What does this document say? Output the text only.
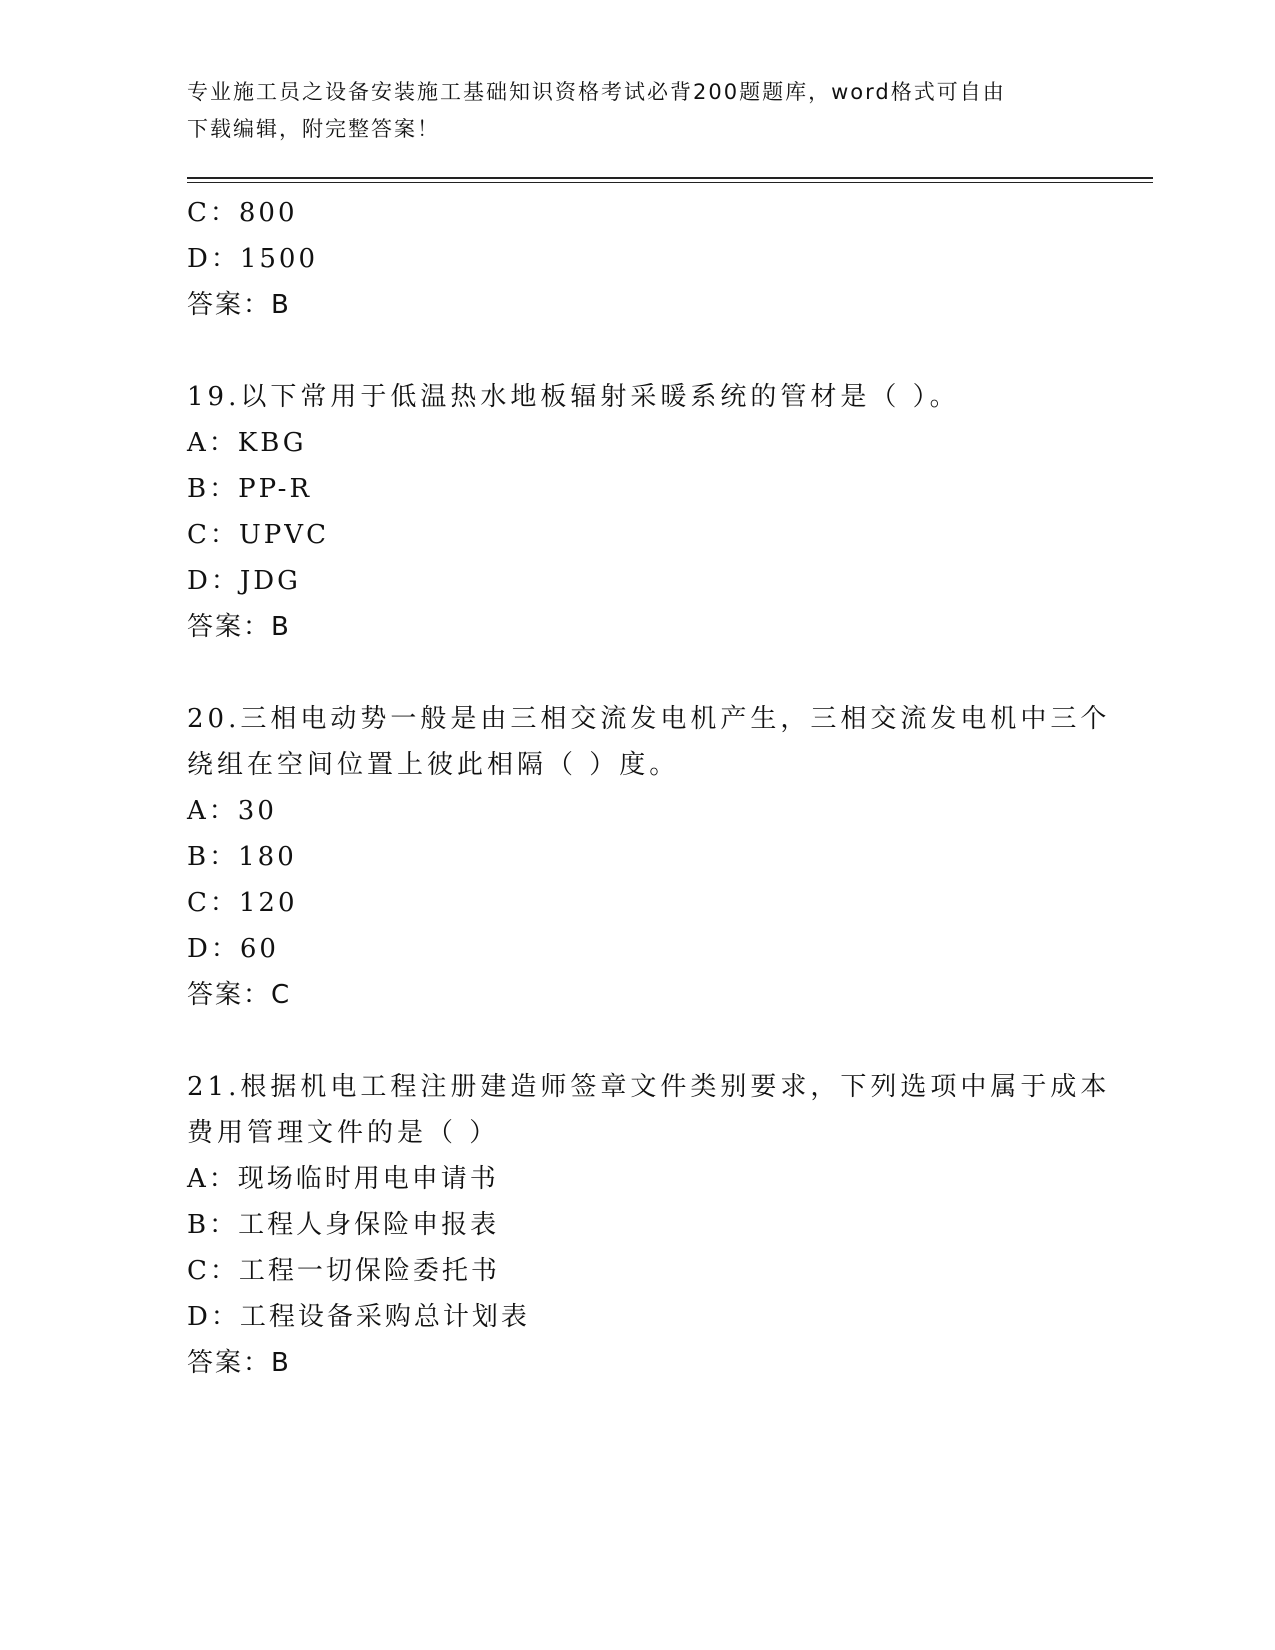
专业施工员之设备安装施工基础知识资格考试必背200题题库，word格式可自由
下载编辑，附完整答案！
C：800
D：1500
答案：B
19.以下常用于低温热水地板辐射采暖系统的管材是（ ）。
A：KBG
B：PP-R
C：UPVC
D：JDG
答案：B
20.三相电动势一般是由三相交流发电机产生，三相交流发电机中三个
绕组在空间位置上彼此相隔（ ）度。
A：30
B：180
C：120
D：60
答案：C
21.根据机电工程注册建造师签章文件类别要求，下列选项中属于成本
费用管理文件的是（ ）
A：现场临时用电申请书
B：工程人身保险申报表
C：工程一切保险委托书
D：工程设备采购总计划表
答案：B
